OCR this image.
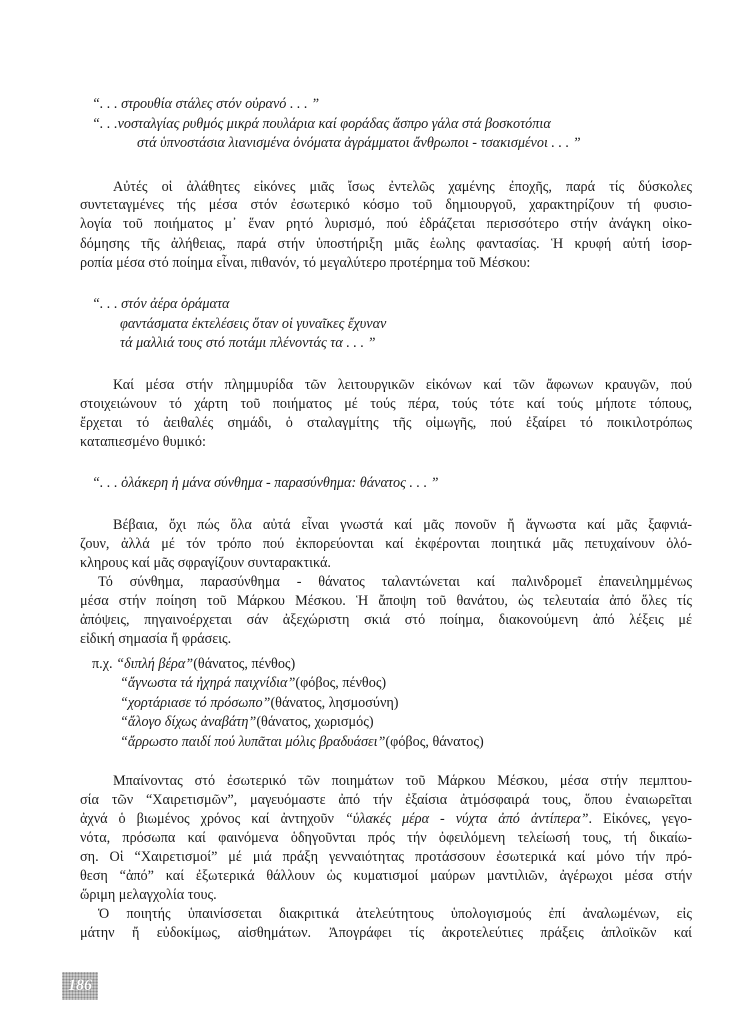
“. . . στρουθία στάλες στόν οὐρανό . . . ”
“. . .νοσταλγίας ρυθμός μικρά πουλάρια καί φοράδας ἄσπρο γάλα στά βοσκοτόπια
στά ὑπνοστάσια λιανισμένα ὀνόματα ἀγράμματοι ἄνθρωποι - τσακισμένοι . . . ”
Αὐτές οἱ ἀλάθητες εἰκόνες μιᾶς ἴσως ἐντελῶς χαμένης ἐποχῆς, παρά τίς δύσκολες
συντεταγμένες τής μέσα στόν ἐσωτερικό κόσμο τοῦ δημιουργοῦ, χαρακτηρίζουν τή φυσιο-
λογία τοῦ ποιήματος μ᾽ ἕναν ρητό λυρισμό, πού ἑδράζεται περισσότερο στήν ἀνάγκη οἰκο-
δόμησης τῆς ἀλήθειας, παρά στήν ὑποστήριξη μιᾶς ἑωλης φαντασίας. Ἡ κρυφή αὐτή ἰσορ-
ροπία μέσα στό ποίημα εἶναι, πιθανόν, τό μεγαλύτερο προτέρημα τοῦ Μέσκου:
“. . . στόν ἀέρα ὁράματα
φαντάσματα ἐκτελέσεις ὅταν οἱ γυναῖκες ἔχυναν
τά μαλλιά τους στό ποτάμι πλένοντάς τα . . . ”
Καί μέσα στήν πλημμυρίδα τῶν λειτουργικῶν εἰκόνων καί τῶν ἄφωνων κραυγῶν, πού
στοιχειώνουν τό χάρτη τοῦ ποιήματος μέ τούς πέρα, τούς τότε καί τούς μήποτε τόπους,
ἔρχεται τό ἀειθαλές σημάδι, ὁ σταλαγμίτης τῆς οἰμωγῆς, πού ἐξαίρει τό ποικιλοτρόπως
καταπιεσμένο θυμικό:
“. . . ὁλάκερη ἡ μάνα σύνθημα - παρασύνθημα: θάνατος . . . ”
Βέβαια, ὄχι πώς ὅλα αὐτά εἶναι γνωστά καί μᾶς πονοῦν ἤ ἄγνωστα καί μᾶς ξαφνιά-
ζουν, ἀλλά μέ τόν τρόπο πού ἐκπορεύονται καί ἐκφέρονται ποιητικά μᾶς πετυχαίνουν ὁλό-
κληρους καί μᾶς σφραγίζουν συνταρακτικά.
Τό σύνθημα, παρασύνθημα - θάνατος ταλαντώνεται καί παλινδρομεῖ ἐπανειλημμένως
μέσα στήν ποίηση τοῦ Μάρκου Μέσκου. Ἡ ἄποψη τοῦ θανάτου, ὡς τελευταία ἀπό ὅλες τίς
ἀπόψεις, πηγαινοέρχεται σάν ἀξεχώριστη σκιά στό ποίημα, διακονούμενη ἀπό λέξεις μέ
εἰδική σημασία ἤ φράσεις.
π.χ. “διπλή βέρα”(θάνατος, πένθος)
“ἄγνωστα τά ἠχηρά παιχνίδια”(φόβος, πένθος)
“χορτάριασε τό πρόσωπο”(θάνατος, λησμοσύνη)
“ἄλογο δίχως ἀναβάτη”(θάνατος, χωρισμός)
“ἄρρωστο παιδί πού λυπᾶται μόλις βραδυάσει”(φόβος, θάνατος)
Μπαίνοντας στό ἐσωτερικό τῶν ποιημάτων τοῦ Μάρκου Μέσκου, μέσα στήν πεμπτου-
σία τῶν “Χαιρετισμῶν”, μαγευόμαστε ἀπό τήν ἐξαίσια ἀτμόσφαιρά τους, ὅπου ἐναιωρεῖται
ἀχνά ὁ βιωμένος χρόνος καί ἀντηχοῦν “ὑλακές μέρα - νύχτα ἀπό ἀντίπερα”. Εἰκόνες, γεγο-
νότα, πρόσωπα καί φαινόμενα ὁδηγοῦνται πρός τήν ὀφειλόμενη τελείωσή τους, τή δικαίω-
ση. Οἱ “Χαιρετισμοί” μέ μιά πράξη γενναιότητας προτάσσουν ἐσωτερικά καί μόνο τήν πρό-
θεση “ἀπό” καί ἐξωτερικά θάλλουν ὡς κυματισμοί μαύρων μαντιλιῶν, ἀγέρωχοι μέσα στήν
ὥριμη μελαγχολία τους.
Ὁ ποιητής ὑπαινίσσεται διακριτικά ἀτελεύτητους ὑπολογισμούς ἐπί ἀναλωμένων, εἰς
μάτην ἤ εὐδοκίμως, αἰσθημάτων. Ἀπογράφει τίς ἀκροτελεύτιες πράξεις ἁπλοϊκῶν καί
186
